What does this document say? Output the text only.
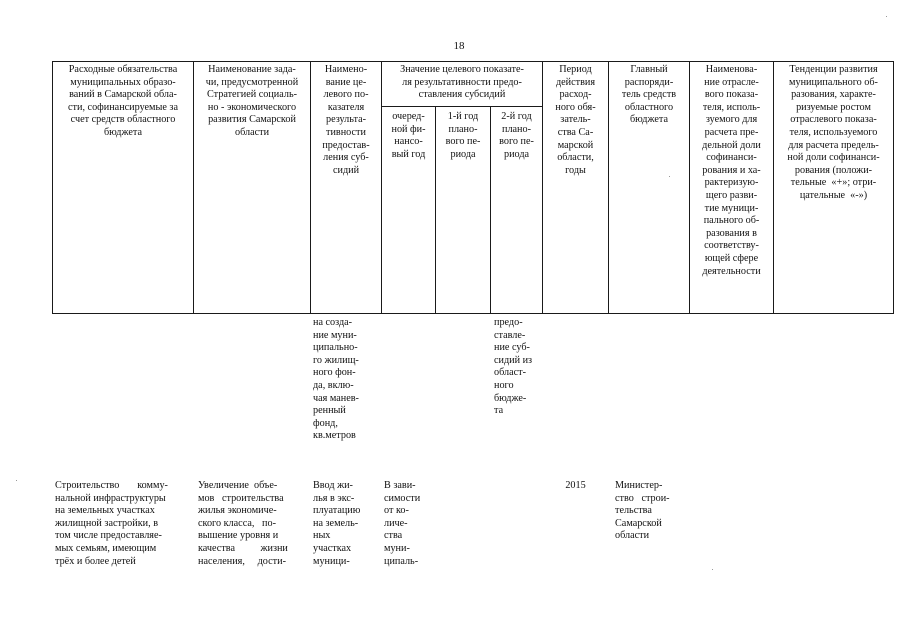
18
Расходные обязательства
муниципальных образо-
ваний в Самарской обла-
сти, софинансируемые за
счет средств областного
бюджета
Наименование зада-
чи, предусмотренной
Стратегией социаль-
но - экономического
развития Самарской
области
Наимено-
вание це-
левого по-
казателя
результа-
тивности
предостав-
ления суб-
сидий
Значение целевого показате-
ля результативности предо-
ставления субсидий
очеред-
ной фи-
нансо-
вый год
1-й год
плано-
вого пе-
риода
2-й год
плано-
вого пе-
риода
Период
действия
расход-
ного обя-
затель-
ства Са-
марской
области,
годы
Главный
распоряди-
тель средств
областного
бюджета
Наименова-
ние отрасле-
вого показа-
теля, исполь-
зуемого для
расчета пре-
дельной доли
софинанси-
рования и ха-
рактеризую-
щего разви-
тие муници-
пального об-
разования в
соответству-
ющей сфере
деятельности
Тенденции развития
муниципального об-
разования, характе-
ризуемые ростом
отраслевого показа-
теля, используемого
для расчета предель-
ной доли софинанси-
рования (положи-
тельные  «+»; отри-
цательные  «-»)
на созда-
ние муни-
ципально-
го жилищ-
ного фон-
да, вклю-
чая манев-
ренный
фонд,
кв.метров
предо-
ставле-
ние суб-
сидий из
област-
ного
бюдже-
та
Строительство       комму-
нальной инфраструктуры
на земельных участках
жилищной застройки, в
том числе предоставляе-
мых семьям, имеющим
трёх и более детей
Увеличение  объе-
мов   строительства
жилья экономиче-
ского класса,   по-
вышение уровня и
качества          жизни
населения,     дости-
Ввод жи-
лья в экс-
плуатацию
на земель-
ных
участках
муници-
В зави-
симости
от ко-
личе-
ства
муни-
ципаль-
2015	Министер-
ство   строи-
тельства
Самарской
области
